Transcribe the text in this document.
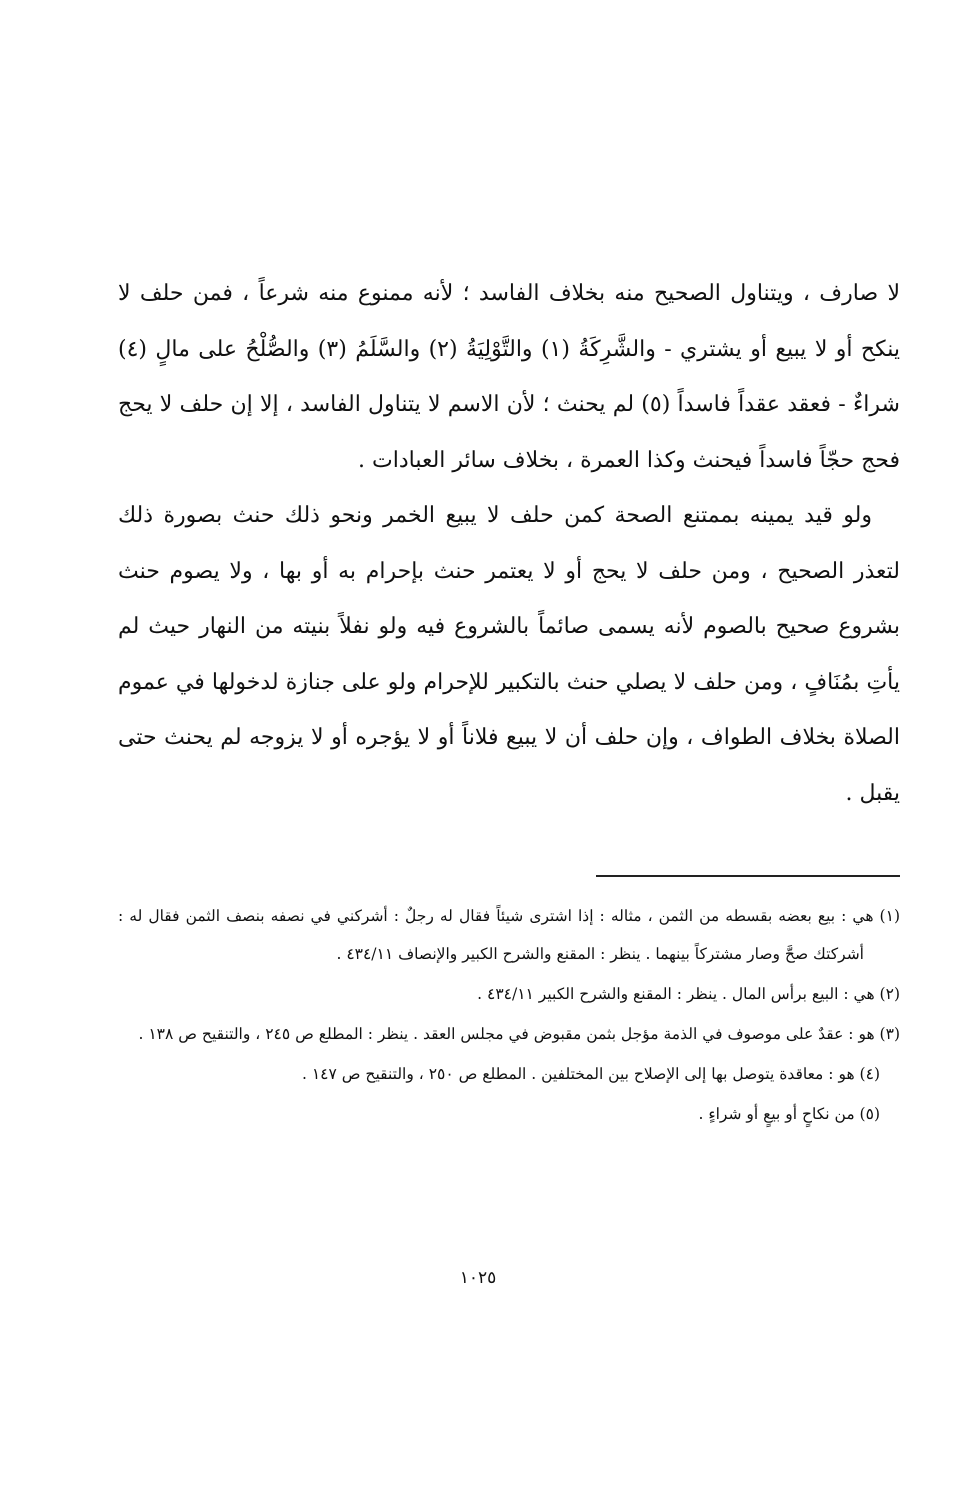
لا صارف ، ويتناول الصحيح منه بخلاف الفاسد ؛ لأنه ممنوع منه شرعاً ، فمن حلف لا ينكح أو لا يبيع أو يشتري - والشَّرِكَةُ (١) والتَّوْلِيَةُ (٢) والسَّلَمُ (٣) والصُّلْحُ على مالٍ (٤) شراءٌ - فعقد عقداً فاسداً (٥) لم يحنث ؛ لأن الاسم لا يتناول الفاسد ، إلا إن حلف لا يحج فحج حجّاً فاسداً فيحنث وكذا العمرة ، بخلاف سائر العبادات .

ولو قيد يمينه بممتنع الصحة كمن حلف لا يبيع الخمر ونحو ذلك حنث بصورة ذلك لتعذر الصحيح ، ومن حلف لا يحج أو لا يعتمر حنث بإحرام به أو بها ، ولا يصوم حنث بشروع صحيح بالصوم لأنه يسمى صائماً بالشروع فيه ولو نفلاً بنيته من النهار حيث لم يأتِ بمُنَافٍ ، ومن حلف لا يصلي حنث بالتكبير للإحرام ولو على جنازة لدخولها في عموم الصلاة بخلاف الطواف ، وإن حلف أن لا يبيع فلاناً أو لا يؤجره أو لا يزوجه لم يحنث حتى يقبل .

(١) هي : بيع بعضه بقسطه من الثمن ، مثاله : إذا اشترى شيئاً فقال له رجلٌ : أشركني في نصفه بنصف الثمن فقال له : أشركتك صحَّ وصار مشتركاً بينهما . ينظر : المقنع والشرح الكبير والإنصاف ٤٣٤/١١ .

(٢) هي : البيع برأس المال . ينظر : المقنع والشرح الكبير ٤٣٤/١١ .

(٣) هو : عقدٌ على موصوف في الذمة مؤجل بثمن مقبوض في مجلس العقد . ينظر : المطلع ص ٢٤٥ ، والتنقيح ص ١٣٨ .

(٤) هو : معاقدة يتوصل بها إلى الإصلاح بين المختلفين . المطلع ص ٢٥٠ ، والتنقيح ص ١٤٧ .

(٥) من نكاحٍ أو بيعٍ أو شراءٍ .

١٠٢٥
